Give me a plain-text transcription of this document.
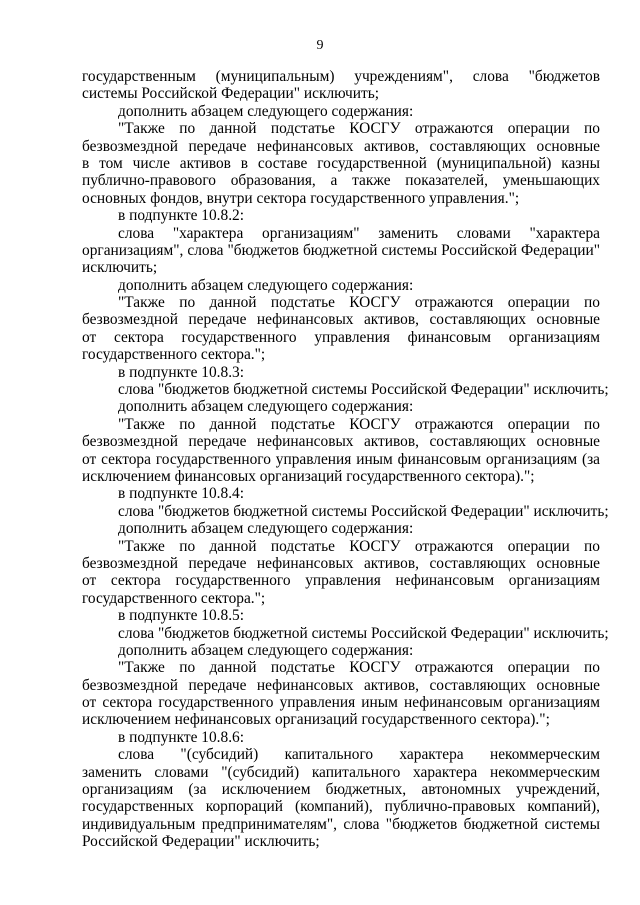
9
государственным (муниципальным) учреждениям", слова "бюджетов
системы Российской Федерации" исключить;
дополнить абзацем следующего содержания:
"Также по данной подстатье КОСГУ отражаются операции по
безвозмездной передаче нефинансовых активов, составляющих основные
в том числе активов в составе государственной (муниципальной) казны
публично-правового образования, а также показателей, уменьшающих
основных фондов, внутри сектора государственного управления.";
в подпункте 10.8.2:
слова "характера организациям" заменить словами "характера
организациям", слова "бюджетов бюджетной системы Российской Федерации"
исключить;
дополнить абзацем следующего содержания:
"Также по данной подстатье КОСГУ отражаются операции по
безвозмездной передаче нефинансовых активов, составляющих основные
от сектора государственного управления финансовым организациям
государственного сектора.";
в подпункте 10.8.3:
слова "бюджетов бюджетной системы Российской Федерации" исключить;
дополнить абзацем следующего содержания:
"Также по данной подстатье КОСГУ отражаются операции по
безвозмездной передаче нефинансовых активов, составляющих основные
от сектора государственного управления иным финансовым организациям (за
исключением финансовых организаций государственного сектора).";
в подпункте 10.8.4:
слова "бюджетов бюджетной системы Российской Федерации" исключить;
дополнить абзацем следующего содержания:
"Также по данной подстатье КОСГУ отражаются операции по
безвозмездной передаче нефинансовых активов, составляющих основные
от сектора государственного управления нефинансовым организациям
государственного сектора.";
в подпункте 10.8.5:
слова "бюджетов бюджетной системы Российской Федерации" исключить;
дополнить абзацем следующего содержания:
"Также по данной подстатье КОСГУ отражаются операции по
безвозмездной передаче нефинансовых активов, составляющих основные
от сектора государственного управления иным нефинансовым организациям
исключением нефинансовых организаций государственного сектора).";
в подпункте 10.8.6:
слова "(субсидий) капитального характера некоммерческим
заменить словами "(субсидий) капитального характера некоммерческим
организациям (за исключением бюджетных, автономных учреждений,
государственных корпораций (компаний), публично-правовых компаний),
индивидуальным предпринимателям", слова "бюджетов бюджетной системы
Российской Федерации" исключить;
